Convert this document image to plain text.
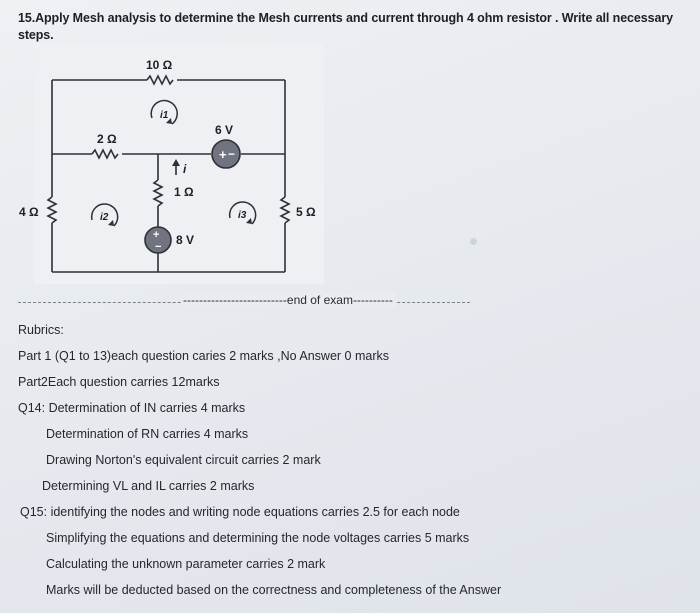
15.Apply Mesh analysis to determine the Mesh currents and current through 4 ohm resistor . Write all necessary steps.
+ −
+
−
10 Ω
2 Ω
4 Ω
1 Ω
5 Ω
6 V
8 V
i
i1
i2	i3
--------------------------end of exam----------
Rubrics:
Part 1 (Q1 to 13)each question caries 2 marks ,No Answer 0 marks
Part2Each question carries 12marks
Q14: Determination of IN carries 4 marks
Determination of RN carries 4 marks
Drawing Norton's equivalent circuit carries 2 mark
Determining VL and IL carries 2 marks
Q15: identifying the nodes and writing node equations carries 2.5 for each node
Simplifying the equations and determining the node voltages carries 5 marks
Calculating the unknown parameter carries 2 mark
Marks will be deducted based on the correctness and completeness of the Answer
